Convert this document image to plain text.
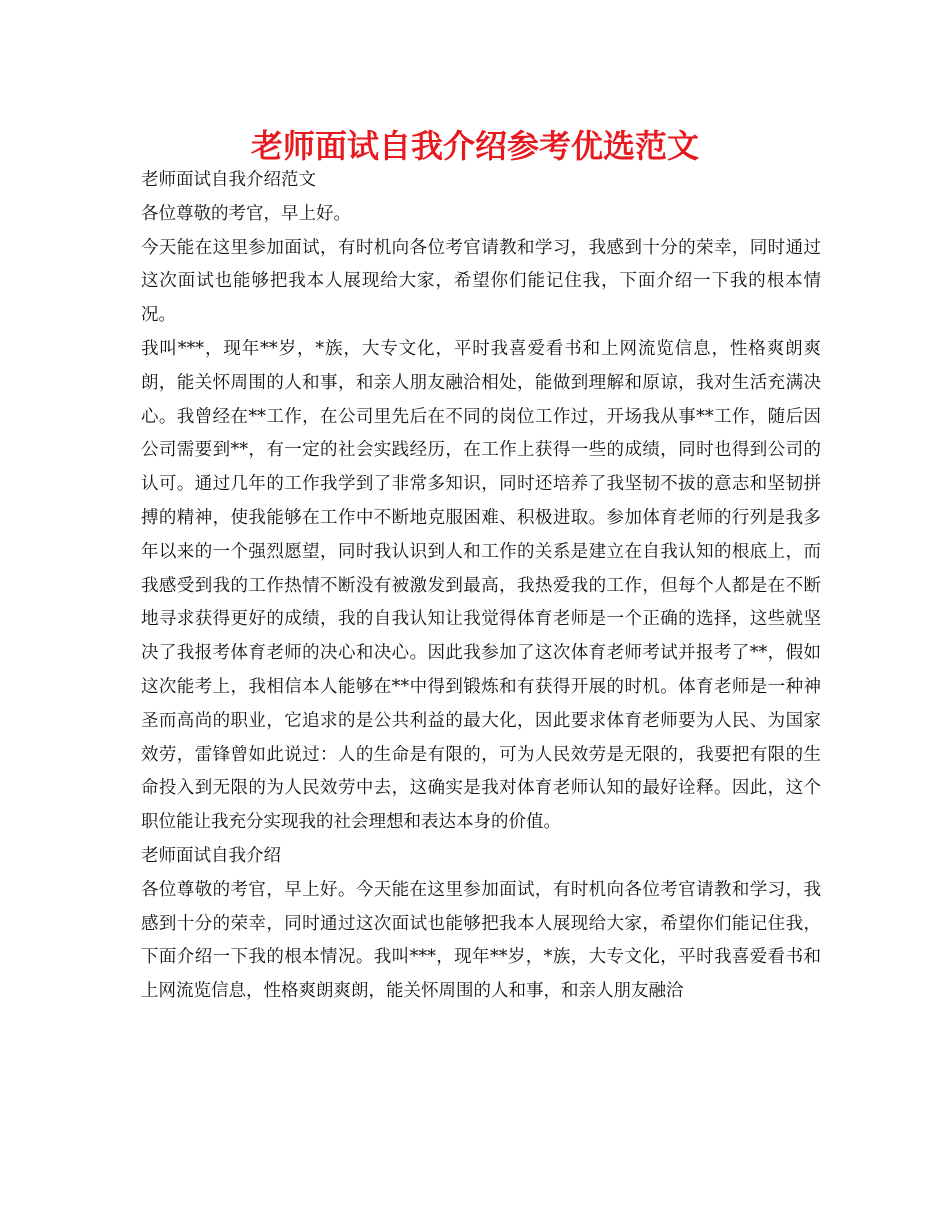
老师面试自我介绍参考优选范文

老师面试自我介绍范文

各位尊敬的考官，早上好。

今天能在这里参加面试，有时机向各位考官请教和学习，我感到十分的荣幸，同时通过这次面试也能够把我本人展现给大家，希望你们能记住我，下面介绍一下我的根本情况。

我叫***，现年**岁，*族，大专文化，平时我喜爱看书和上网流览信息，性格爽朗爽朗，能关怀周围的人和事，和亲人朋友融洽相处，能做到理解和原谅，我对生活充满决心。我曾经在**工作，在公司里先后在不同的岗位工作过，开场我从事**工作，随后因公司需要到**，有一定的社会实践经历，在工作上获得一些的成绩，同时也得到公司的认可。通过几年的工作我学到了非常多知识，同时还培养了我坚韧不拔的意志和坚韧拼搏的精神，使我能够在工作中不断地克服困难、积极进取。参加体育老师的行列是我多年以来的一个强烈愿望，同时我认识到人和工作的关系是建立在自我认知的根底上，而我感受到我的工作热情不断没有被激发到最高，我热爱我的工作，但每个人都是在不断地寻求获得更好的成绩，我的自我认知让我觉得体育老师是一个正确的选择，这些就坚决了我报考体育老师的决心和决心。因此我参加了这次体育老师考试并报考了**，假如这次能考上，我相信本人能够在**中得到锻炼和有获得开展的时机。体育老师是一种神圣而高尚的职业，它追求的是公共利益的最大化，因此要求体育老师要为人民、为国家效劳，雷锋曾如此说过：人的生命是有限的，可为人民效劳是无限的，我要把有限的生命投入到无限的为人民效劳中去，这确实是我对体育老师认知的最好诠释。因此，这个职位能让我充分实现我的社会理想和表达本身的价值。

老师面试自我介绍

各位尊敬的考官，早上好。今天能在这里参加面试，有时机向各位考官请教和学习，我感到十分的荣幸，同时通过这次面试也能够把我本人展现给大家，希望你们能记住我，下面介绍一下我的根本情况。我叫***，现年**岁，*族，大专文化，平时我喜爱看书和上网流览信息，性格爽朗爽朗，能关怀周围的人和事，和亲人朋友融洽
